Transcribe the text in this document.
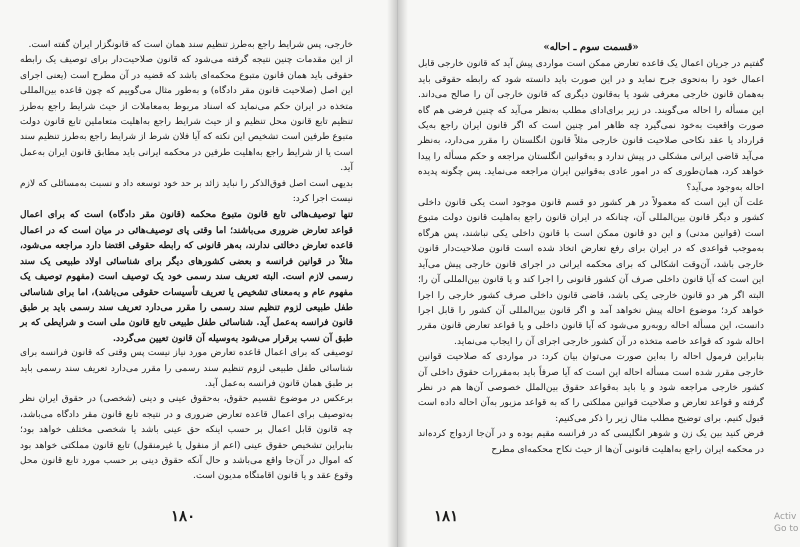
خارجی، پس شرایط راجع به‌طرز تنظیم سند همان است که قانونگزار ایران گفته است.

از این مقدمات چنین نتیجه گرفته می‌شود که قانون صلاحیت‌دار برای توصیف یک رابطه حقوقی باید همان قانون متبوع محکمه‌ای باشد که قضیه در آن مطرح است (یعنی اجرای این اصل (صلاحیت قانون مقر دادگاه) و به‌طور مثال می‌گوییم که چون قاعده بین‌المللی متخذه در ایران حکم می‌نماید که اسناد مربوط به‌معاملات از حیث شرایط راجع به‌طرز تنظیم تابع قانون محل تنظیم و از حیث شرایط راجع به‌اهلیت متعاملین تابع قانون دولت متبوع طرفین است تشخیص این نکته که آیا فلان شرط از شرایط راجع به‌طرز تنظیم سند است یا از شرایط راجع به‌اهلیت طرفین در محکمه ایرانی باید مطابق قانون ایران به‌عمل آید.

بدیهی است اصل فوق‌الذکر را نباید زائد بر حد خود توسعه داد و نسبت به‌مسائلی که لازم نیست اجرا کرد:

تنها توصیف‌هائی تابع قانون متبوع محکمه (قانون مقر دادگاه) است که برای اعمال قواعد تعارض ضروری می‌باشند؛ اما وقتی پای توصیف‌هائی در میان است که در اعمال قاعده تعارض دخالتی ندارند، به‌هر قانونی که رابطه حقوقی اقتضا دارد مراجعه می‌شود، مثلاً در قوانین فرانسه و بعضی کشورهای دیگر برای شناسائی اولاد طبیعی یک سند رسمی لازم است. البته تعریف سند رسمی خود یک توصیف است (مفهوم توصیف یک مفهوم عام و به‌معنای تشخیص یا تعریف تأسیسات حقوقی می‌باشد)، اما برای شناسائی طفل طبیعی لزوم تنظیم سند رسمی را مقرر می‌دارد تعریف سند رسمی باید بر طبق قانون فرانسه به‌عمل آید. شناسائی طفل طبیعی تابع قانون ملی است و شرایطی که بر طبق آن نسب برقرار می‌شود به‌وسیله آن قانون تعیین می‌گردد.

توصیفی که برای اعمال قاعده تعارض مورد نیاز نیست پس وقتی که قانون فرانسه برای شناسائی طفل طبیعی لزوم تنظیم سند رسمی را مقرر می‌دارد تعریف سند رسمی باید بر طبق همان قانون فرانسه به‌عمل آید.

برعکس در موضوع تقسیم حقوق، به‌حقوق عینی و دینی (شخصی) در حقوق ایران نظر به‌توصیف برای اعمال قاعده تعارض ضروری و در نتیجه تابع قانون مقر دادگاه می‌باشد، چه قانون قابل اعمال بر حسب اینکه حق عینی باشد یا شخصی مختلف خواهد بود؛ بنابراین تشخیص حقوق عینی (اعم از منقول یا غیرمنقول) تابع قانون مملکتی خواهد بود که اموال در آن‌جا واقع می‌باشد و حال آنکه حقوق دینی بر حسب مورد تابع قانون محل وقوع عقد و یا قانون اقامتگاه مدیون است.

۱۸۰

«قسمت سوم ـ احاله»

گفتیم در جریان اعمال یک قاعده تعارض ممکن است مواردی پیش آید که قانون خارجی قابل اعمال خود را به‌نحوی جرح نماید و در این صورت باید دانسته شود که رابطه حقوقی باید به‌همان قانون خارجی معرفی شود یا به‌قانون دیگری که قانون خارجی آن را صالح می‌داند. این مسأله را احاله می‌گویند. در زیر برای‌ادای مطلب به‌نظر می‌آید که چنین فرضی هم گاه صورت واقعیت به‌خود نمی‌گیرد چه ظاهر امر چنین است که اگر قانون ایران راجع به‌یک قرارداد یا عقد نکاحی صلاحیت قانون خارجی مثلاً قانون انگلستان را مقرر می‌دارد، به‌نظر می‌آید قاضی ایرانی مشکلی در پیش ندارد و به‌قوانین انگلستان مراجعه و حکم مسأله را پیدا خواهد کرد، همان‌طوری که در امور عادی به‌قوانین ایران مراجعه می‌نماید. پس چگونه پدیده احاله به‌وجود می‌آید؟

علت آن این است که معمولاً در هر کشور دو قسم قانون موجود است یکی قانون داخلی کشور و دیگر قانون بین‌المللی آن، چنانکه در ایران قانون راجع به‌اهلیت قانون دولت متبوع است (قوانین مدنی) و این دو قانون ممکن است با قانون داخلی یکی نباشند، پس هرگاه به‌موجب قواعدی که در ایران برای رفع تعارض اتخاذ شده است قانون صلاحیت‌دار قانون خارجی باشد، آن‌وقت اشکالی که برای محکمه ایرانی در اجرای قانون خارجی پیش می‌آید این است که آیا قانون داخلی صرف آن کشور قانونی را اجرا کند و یا قانون بین‌المللی آن را؛ البته اگر هر دو قانون خارجی یکی باشد، قاضی قانون داخلی صرف کشور خارجی را اجرا خواهد کرد؛ موضوع احاله پیش نخواهد آمد و اگر قانون بین‌المللی آن کشور را قابل اجرا دانست، این مسأله احاله روبه‌رو می‌شود که آیا قانون داخلی و یا قواعد تعارض قانون مقرر احاله شود که قواعد خاصه متخذه در آن کشور خارجی اجرای آن را ایجاب می‌نماید.

بنابراین فرمول احاله را به‌این صورت می‌توان بیان کرد: در مواردی که صلاحیت قوانین خارجی مقرر شده است مسأله احاله این است که آیا صرفاً باید به‌مقررات حقوق داخلی آن کشور خارجی مراجعه شود و یا باید به‌قواعد حقوق بین‌الملل خصوصی آن‌ها هم در نظر گرفته و قواعد تعارض و صلاحیت قوانین مملکتی را که به قواعد مزبور به‌آن احاله داده است قبول کنیم. برای توضیح مطلب مثال زیر را ذکر می‌کنیم:

فرض کنید بین یک زن و شوهر انگلیسی که در فرانسه مقیم بوده و در آن‌جا ازدواج کرده‌اند در محکمه ایران راجع به‌اهلیت قانونی آن‌ها از حیث نکاح محکمه‌ای مطرح

۱۸۱	Activ
Go to
